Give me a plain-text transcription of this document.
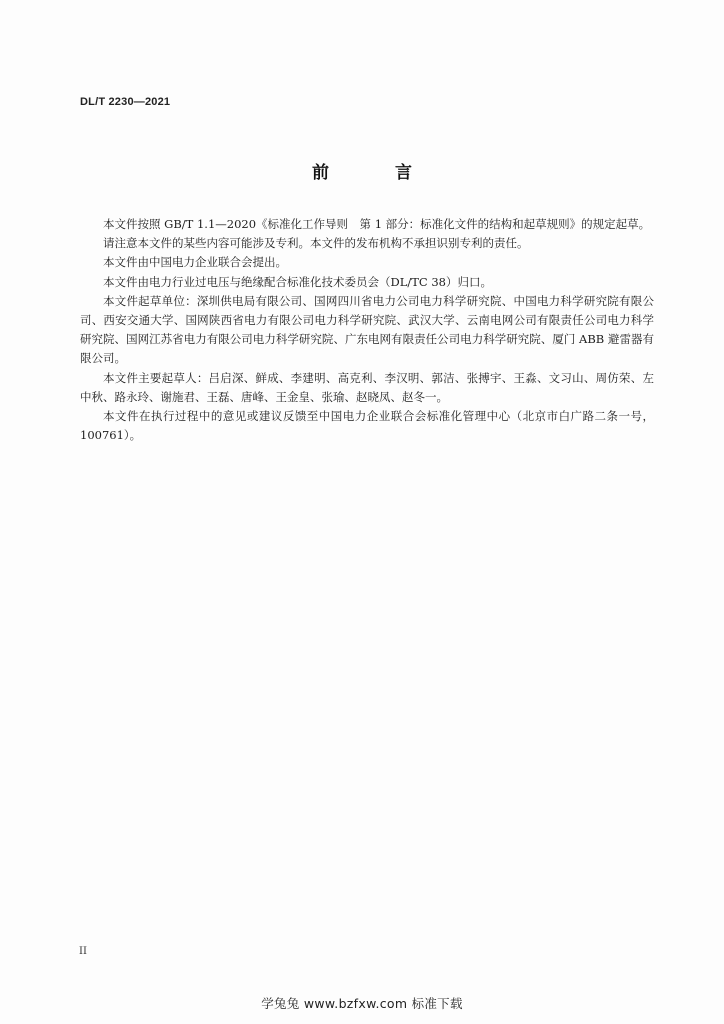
DL/T 2230—2021
前 言

本文件按照 GB/T 1.1—2020《标准化工作导则　第 1 部分：标准化文件的结构和起草规则》的规定起草。

请注意本文件的某些内容可能涉及专利。本文件的发布机构不承担识别专利的责任。

本文件由中国电力企业联合会提出。

本文件由电力行业过电压与绝缘配合标准化技术委员会（DL/TC 38）归口。

本文件起草单位：深圳供电局有限公司、国网四川省电力公司电力科学研究院、中国电力科学研究院有限公司、西安交通大学、国网陕西省电力有限公司电力科学研究院、武汉大学、云南电网公司有限责任公司电力科学研究院、国网江苏省电力有限公司电力科学研究院、广东电网有限责任公司电力科学研究院、厦门 ABB 避雷器有限公司。

本文件主要起草人：吕启深、鲜成、李建明、高克利、李汉明、郭洁、张搏宇、王淼、文习山、周仿荣、左中秋、路永玲、谢施君、王磊、唐峰、王金皇、张瑜、赵晓凤、赵冬一。

本文件在执行过程中的意见或建议反馈至中国电力企业联合会标准化管理中心（北京市白广路二条一号，100761）。

II
学兔兔 www.bzfxw.com 标准下载
